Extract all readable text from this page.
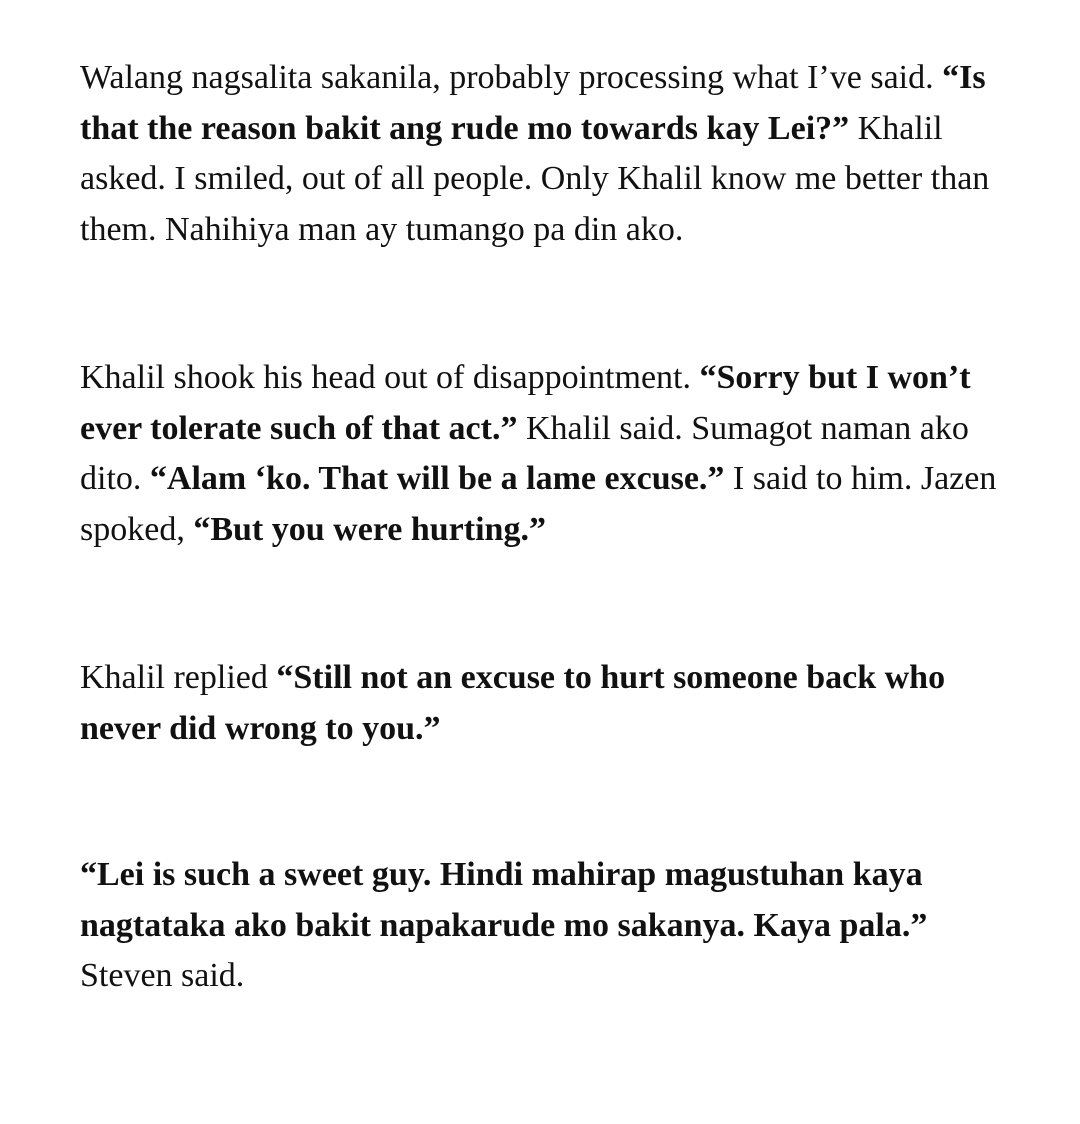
Walang nagsalita sakanila, probably processing what I’ve said. “Is that the reason bakit ang rude mo towards kay Lei?” Khalil asked. I smiled, out of all people. Only Khalil know me better than them. Nahihiya man ay tumango pa din ako.

Khalil shook his head out of disappointment. “Sorry but I won’t ever tolerate such of that act.” Khalil said. Sumagot naman ako dito. “Alam ‘ko. That will be a lame excuse.” I said to him. Jazen spoked, “But you were hurting.”

Khalil replied “Still not an excuse to hurt someone back who never did wrong to you.”

“Lei is such a sweet guy. Hindi mahirap magustuhan kaya nagtataka ako bakit napakarude mo sakanya. Kaya pala.” Steven said.
